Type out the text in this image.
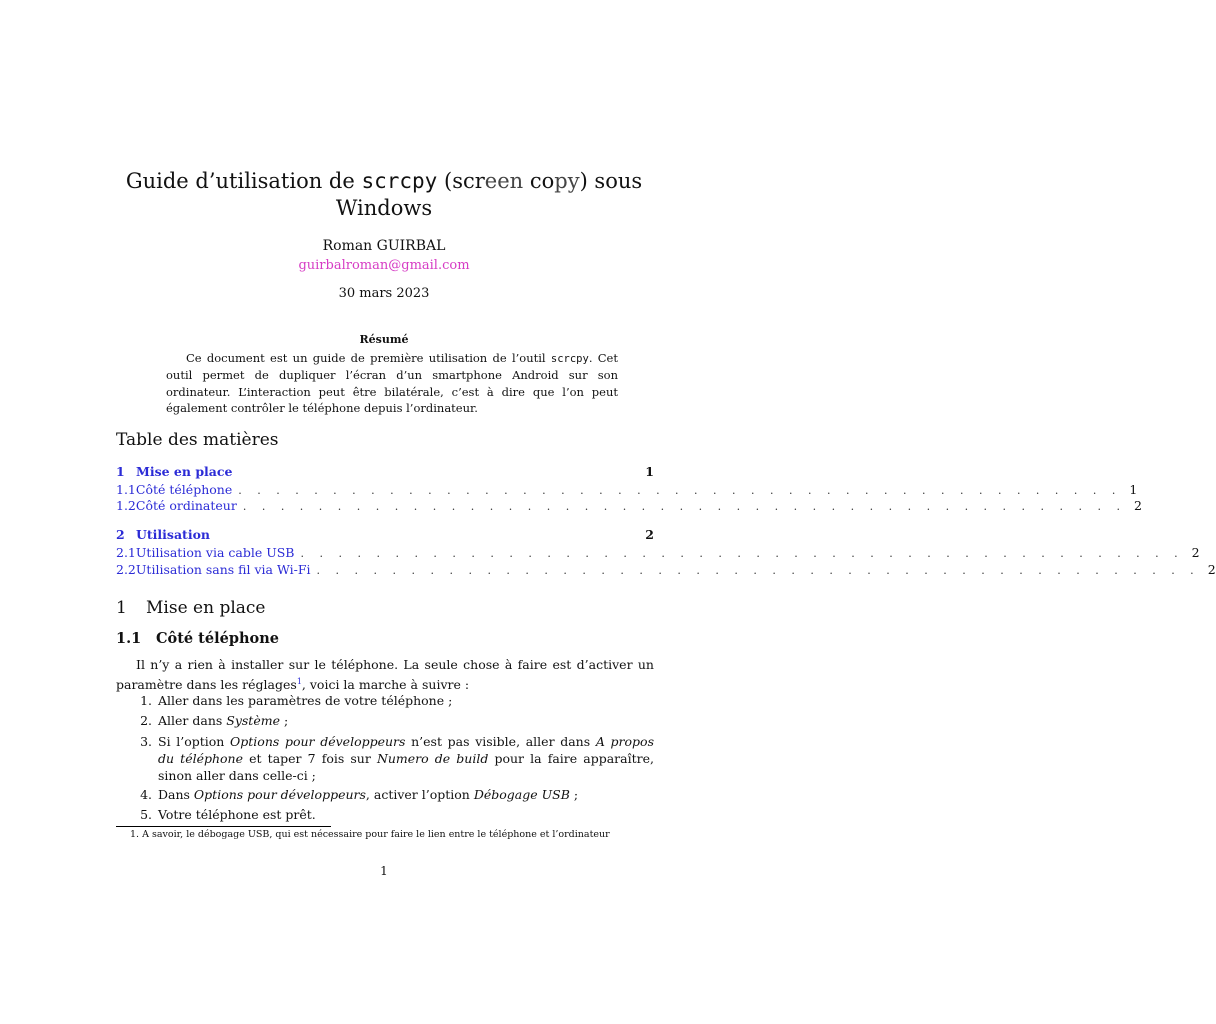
Guide d’utilisation de scrcpy (screen copy) sous
Windows
Roman GUIRBAL
guirbalroman@gmail.com
30 mars 2023
Résumé
Ce document est un guide de première utilisation de l’outil scrcpy. Cet outil permet de dupliquer l’écran d’un smartphone Android sur son ordinateur. L’interaction peut être bilatérale, c’est à dire que l’on peut également contrôler le téléphone depuis l’ordinateur.
Table des matières
1 Mise en place	1
1.1 Côté téléphone . . . . . . . . . . . . . . . . . . . . . . . . . . . . . . . . . . . . . . . . . . . . . . . 1
1.2 Côté ordinateur . . . . . . . . . . . . . . . . . . . . . . . . . . . . . . . . . . . . . . . . . . . . . . . 2
2 Utilisation	2
2.1 Utilisation via cable USB . . . . . . . . . . . . . . . . . . . . . . . . . . . . . . . . . . . . . . . . . . . . . . . 2
2.2 Utilisation sans fil via Wi-Fi . . . . . . . . . . . . . . . . . . . . . . . . . . . . . . . . . . . . . . . . . . . . . . . 2
1 Mise en place
1.1 Côté téléphone
Il n’y a rien à installer sur le téléphone. La seule chose à faire est d’activer un paramètre dans les réglages$^1$, voici la marche à suivre :
1. Aller dans les paramètres de votre téléphone ;
2. Aller dans Système ;
3. Si l’option Options pour développeurs n’est pas visible, aller dans A propos du téléphone et taper 7 fois sur Numero de build pour la faire apparaître, sinon aller dans celle-ci ;
4. Dans Options pour développeurs, activer l’option Débogage USB ;
5. Votre téléphone est prêt.
1. A savoir, le débogage USB, qui est nécessaire pour faire le lien entre le téléphone et l’ordinateur
1
